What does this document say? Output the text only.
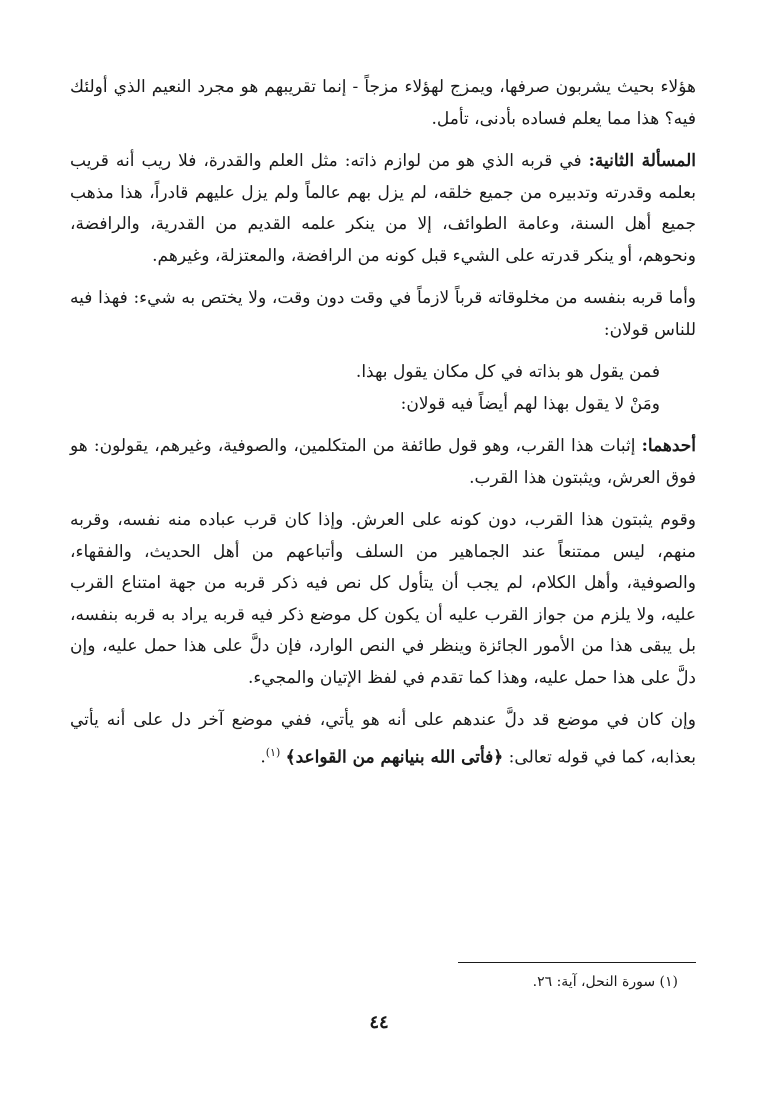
هؤلاء بحيث يشربون صرفها، ويمزج لهؤلاء مزجاً - إنما تقريبهم هو مجرد النعيم الذي أولئك فيه؟ هذا مما يعلم فساده بأدنى، تأمل.

المسألة الثانية: في قربه الذي هو من لوازم ذاته: مثل العلم والقدرة، فلا ريب أنه قريب بعلمه وقدرته وتدبيره من جميع خلقه، لم يزل بهم عالماً ولم يزل عليهم قادراً، هذا مذهب جميع أهل السنة، وعامة الطوائف، إلا من ينكر علمه القديم من القدرية، والرافضة، ونحوهم، أو ينكر قدرته على الشيء قبل كونه من الرافضة، والمعتزلة، وغيرهم.

وأما قربه بنفسه من مخلوقاته قرباً لازماً في وقت دون وقت، ولا يختص به شيء: فهذا فيه للناس قولان:

فمن يقول هو بذاته في كل مكان يقول بهذا.

ومَنْ لا يقول بهذا لهم أيضاً فيه قولان:

أحدهما: إثبات هذا القرب، وهو قول طائفة من المتكلمين، والصوفية، وغيرهم، يقولون: هو فوق العرش، ويثبتون هذا القرب.

وقوم يثبتون هذا القرب، دون كونه على العرش. وإذا كان قرب عباده منه نفسه، وقربه منهم، ليس ممتنعاً عند الجماهير من السلف وأتباعهم من أهل الحديث، والفقهاء، والصوفية، وأهل الكلام، لم يجب أن يتأول كل نص فيه ذكر قربه من جهة امتناع القرب عليه، ولا يلزم من جواز القرب عليه أن يكون كل موضع ذكر فيه قربه يراد به قربه بنفسه، بل يبقى هذا من الأمور الجائزة وينظر في النص الوارد، فإن دلَّ على هذا حمل عليه، وإن دلَّ على هذا حمل عليه، وهذا كما تقدم في لفظ الإتيان والمجيء.

وإن كان في موضع قد دلَّ عندهم على أنه هو يأتي، ففي موضع آخر دل على أنه يأتي بعذابه، كما في قوله تعالى: ﴿فأتى الله بنيانهم من القواعد﴾ $^{(١)}$.

(١) سورة النحل، آية: ٢٦.
٤٤
